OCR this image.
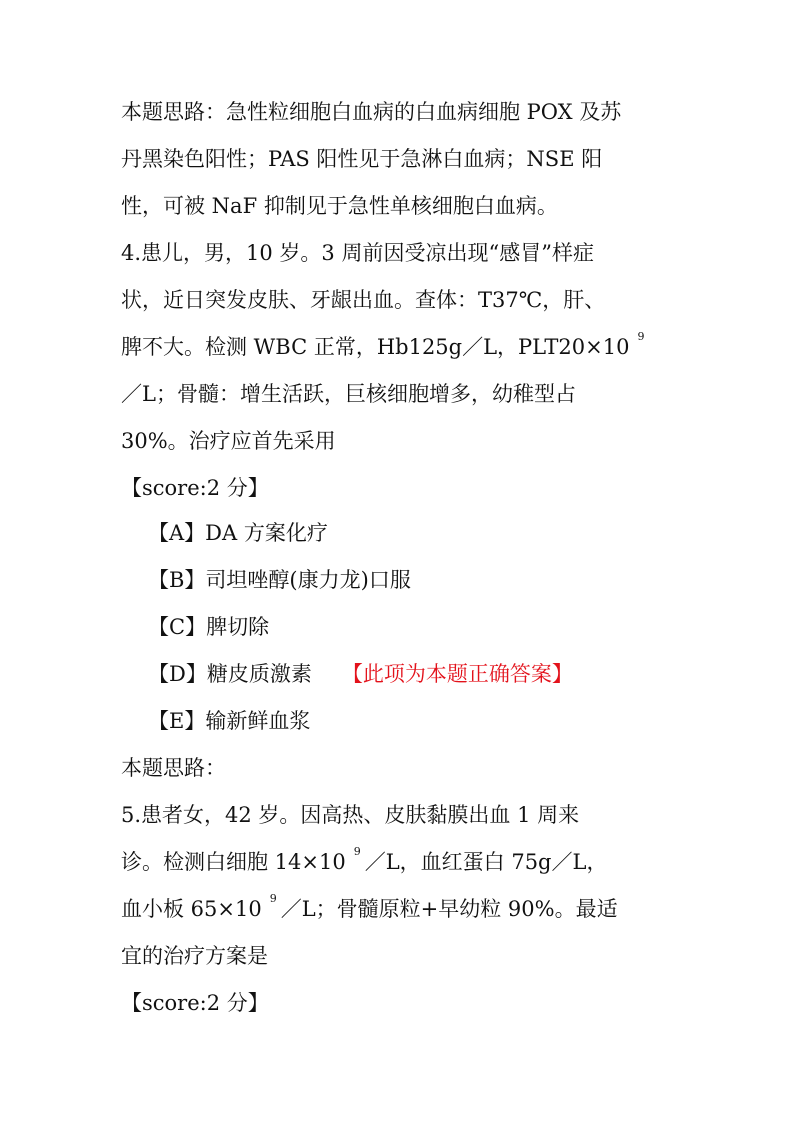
本题思路：急性粒细胞白血病的白血病细胞 POX 及苏
丹黑染色阳性；PAS 阳性见于急淋白血病；NSE 阳
性，可被 NaF 抑制见于急性单核细胞白血病。
4.患儿，男，10 岁。3 周前因受凉出现“感冒”样症
状，近日突发皮肤、牙龈出血。查体：T37℃，肝、
脾不大。检测 WBC 正常，Hb125g／L，PLT20×10 $^9$
／L；骨髓：增生活跃，巨核细胞增多，幼稚型占
30%。治疗应首先采用
【score:2 分】
【A】DA 方案化疗
【B】司坦唑醇(康力龙)口服
【C】脾切除
【D】糖皮质激素 【此项为本题正确答案】
【E】输新鲜血浆
本题思路：
5.患者女，42 岁。因高热、皮肤黏膜出血 1 周来
诊。检测白细胞 14×10 $^9$ ／L，血红蛋白 75g／L，
血小板 65×10 $^9$ ／L；骨髓原粒+早幼粒 90%。最适
宜的治疗方案是
【score:2 分】
